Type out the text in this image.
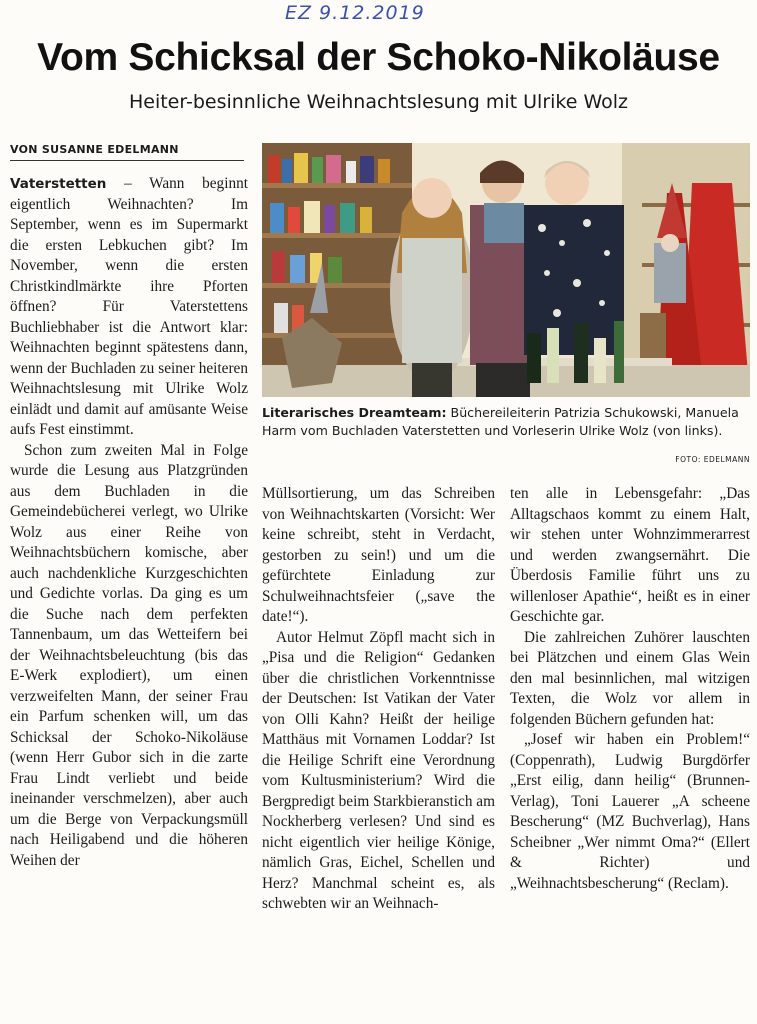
EZ 9.12.2019
Vom Schicksal der Schoko-Nikoläuse
Heiter-besinnliche Weihnachtslesung mit Ulrike Wolz
VON SUSANNE EDELMANN

Vaterstetten – Wann beginnt eigentlich Weihnachten? Im September, wenn es im Supermarkt die ersten Lebkuchen gibt? Im November, wenn die ersten Christkindlmärkte ihre Pforten öffnen? Für Vaterstettens Buchliebhaber ist die Antwort klar: Weihnachten beginnt spätestens dann, wenn der Buchladen zu seiner heiteren Weihnachtslesung mit Ulrike Wolz einlädt und damit auf amüsante Weise aufs Fest einstimmt.

Schon zum zweiten Mal in Folge wurde die Lesung aus Platzgründen aus dem Buchladen in die Gemeindebücherei verlegt, wo Ulrike Wolz aus einer Reihe von Weihnachtsbüchern komische, aber auch nachdenkliche Kurzgeschichten und Gedichte vorlas. Da ging es um die Suche nach dem perfekten Tannenbaum, um das Wetteifern bei der Weihnachtsbeleuchtung (bis das E-Werk explodiert), um einen verzweifelten Mann, der seiner Frau ein Parfum schenken will, um das Schicksal der Schoko-Nikoläuse (wenn Herr Gubor sich in die zarte Frau Lindt verliebt und beide ineinander verschmelzen), aber auch um die Berge von Verpackungsmüll nach Heiligabend und die höheren Weihen der

Müllsortierung, um das Schreiben von Weihnachtskarten (Vorsicht: Wer keine schreibt, steht in Verdacht, gestorben zu sein!) und um die gefürchtete Einladung zur Schulweihnachtsfeier („save the date!“).

Autor Helmut Zöpfl macht sich in „Pisa und die Religion“ Gedanken über die christlichen Vorkenntnisse der Deutschen: Ist Vatikan der Vater von Olli Kahn? Heißt der heilige Matthäus mit Vornamen Loddar? Ist die Heilige Schrift eine Verordnung vom Kultusministerium? Wird die Bergpredigt beim Starkbieranstich am Nockherberg verlesen? Und sind es nicht eigentlich vier heilige Könige, nämlich Gras, Eichel, Schellen und Herz? Manchmal scheint es, als schwebten wir an Weihnach-

ten alle in Lebensgefahr: „Das Alltagschaos kommt zu einem Halt, wir stehen unter Wohnzimmerarrest und werden zwangsernährt. Die Überdosis Familie führt uns zu willenloser Apathie“, heißt es in einer Geschichte gar.

Die zahlreichen Zuhörer lauschten bei Plätzchen und einem Glas Wein den mal besinnlichen, mal witzigen Texten, die Wolz vor allem in folgenden Büchern gefunden hat:

„Josef wir haben ein Problem!“ (Coppenrath), Ludwig Burgdörfer „Erst eilig, dann heilig“ (Brunnen-Verlag), Toni Lauerer „A scheene Bescherung“ (MZ Buchverlag), Hans Scheibner „Wer nimmt Oma?“ (Ellert & Richter) und „Weihnachtsbescherung“ (Reclam).

Literarisches Dreamteam: Büchereileiterin Patrizia Schukowski, Manuela Harm vom Buchladen Vaterstetten und Vorleserin Ulrike Wolz (von links).
FOTO: EDELMANN
